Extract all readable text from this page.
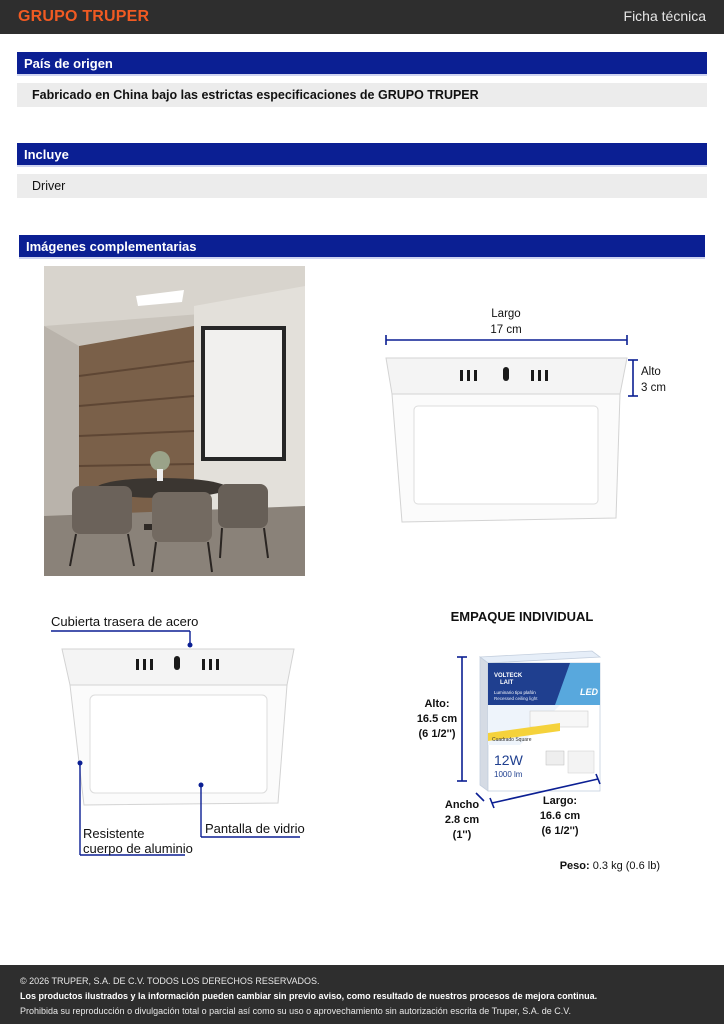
GRUPO TRUPER	Ficha técnica
País de origen
Fabricado en China bajo las estrictas especificaciones de GRUPO TRUPER
Incluye
Driver
Imágenes complementarias
Largo
17 cm
Alto
3 cm
Cubierta trasera de acero
Resistente
cuerpo de aluminio
Pantalla de vidrio
EMPAQUE INDIVIDUAL
Alto:
16.5 cm
(6 1/2'')
VOLTECK
LAIT
LED
Luminario tipo plafón
Recessed ceiling light
Cuadrado Square
12W
1000 lm
Ancho
2.8 cm
(1'')
Largo:
16.6 cm
(6 1/2'')
Peso: 0.3 kg (0.6 lb)
© 2026 TRUPER, S.A. DE C.V. TODOS LOS DERECHOS RESERVADOS.
Los productos ilustrados y la información pueden cambiar sin previo aviso, como resultado de nuestros procesos de mejora continua.
Prohibida su reproducción o divulgación total o parcial así como su uso o aprovechamiento sin autorización escrita de Truper, S.A. de C.V.
